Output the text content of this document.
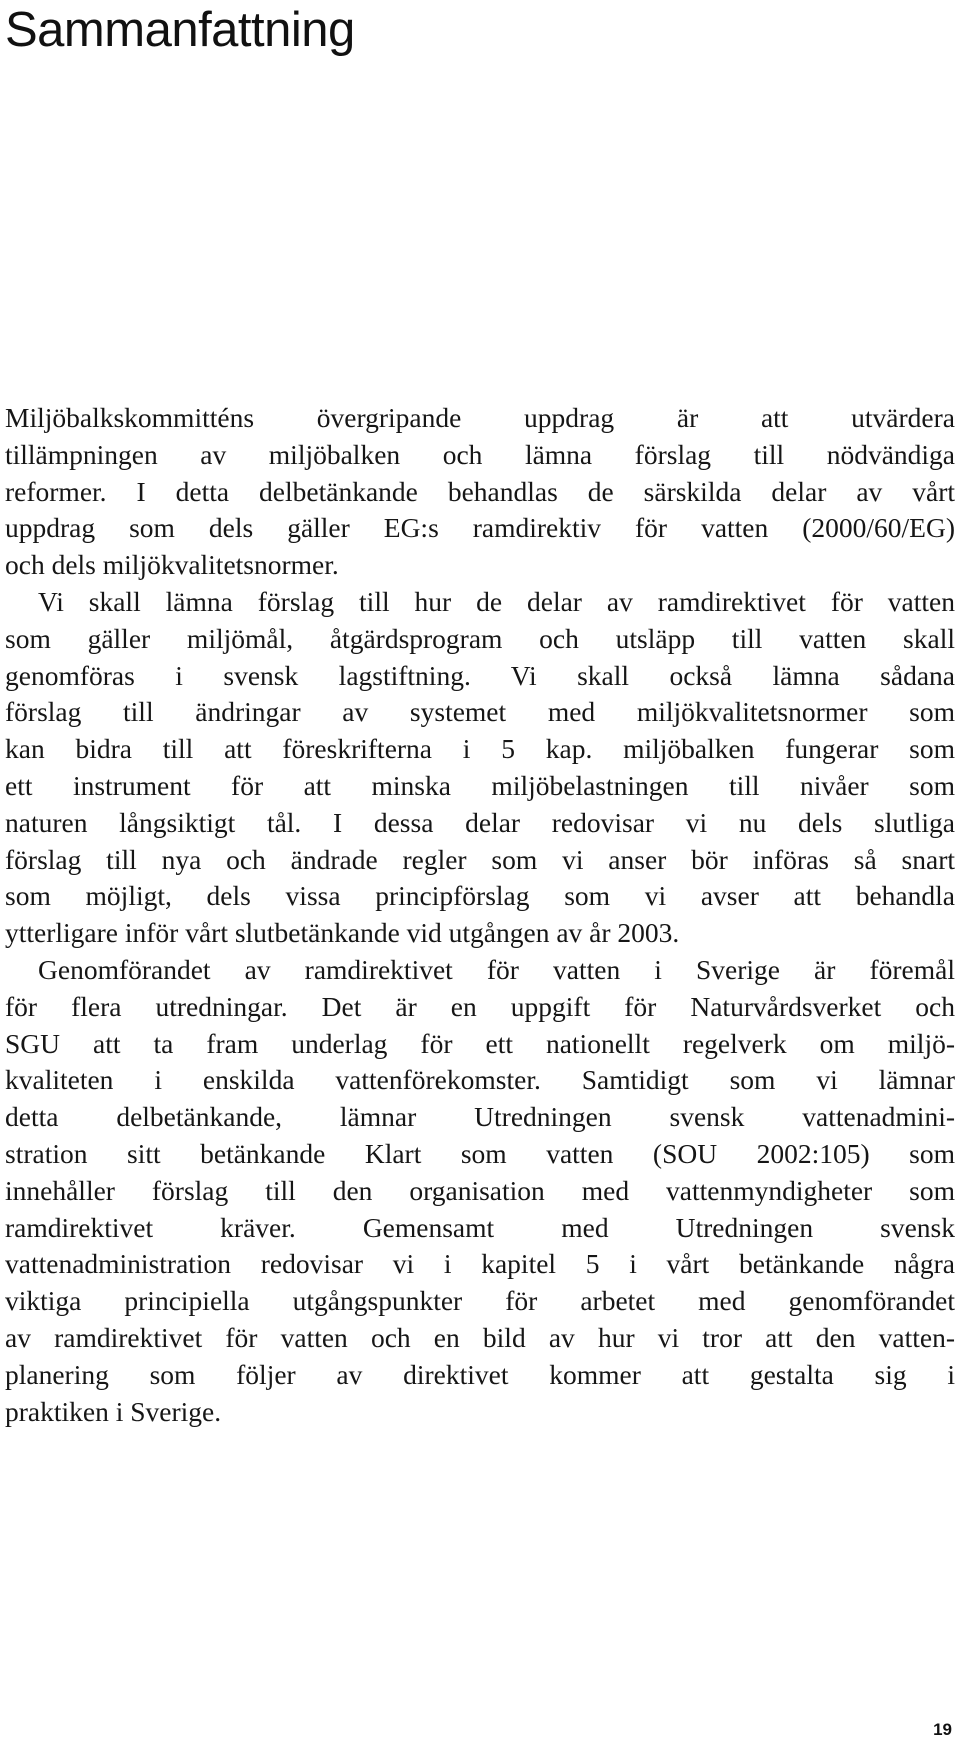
Sammanfattning
Miljöbalkskommitténs övergripande uppdrag är att utvärdera
tillämpningen av miljöbalken och lämna förslag till nödvändiga
reformer. I detta delbetänkande behandlas de särskilda delar av vårt
uppdrag som dels gäller EG:s ramdirektiv för vatten (2000/60/EG)
och dels miljökvalitetsnormer.
Vi skall lämna förslag till hur de delar av ramdirektivet för vatten
som gäller miljömål, åtgärdsprogram och utsläpp till vatten skall
genomföras i svensk lagstiftning. Vi skall också lämna sådana
förslag till ändringar av systemet med miljökvalitetsnormer som
kan bidra till att föreskrifterna i 5 kap. miljöbalken fungerar som
ett instrument för att minska miljöbelastningen till nivåer som
naturen långsiktigt tål. I dessa delar redovisar vi nu dels slutliga
förslag till nya och ändrade regler som vi anser bör införas så snart
som möjligt, dels vissa principförslag som vi avser att behandla
ytterligare inför vårt slutbetänkande vid utgången av år 2003.
Genomförandet av ramdirektivet för vatten i Sverige är föremål
för flera utredningar. Det är en uppgift för Naturvårdsverket och
SGU att ta fram underlag för ett nationellt regelverk om miljö-
kvaliteten i enskilda vattenförekomster. Samtidigt som vi lämnar
detta delbetänkande, lämnar Utredningen svensk vattenadmini-
stration sitt betänkande Klart som vatten (SOU 2002:105) som
innehåller förslag till den organisation med vattenmyndigheter som
ramdirektivet kräver. Gemensamt med Utredningen svensk
vattenadministration redovisar vi i kapitel 5 i vårt betänkande några
viktiga principiella utgångspunkter för arbetet med genomförandet
av ramdirektivet för vatten och en bild av hur vi tror att den vatten-
planering som följer av direktivet kommer att gestalta sig i
praktiken i Sverige.
19
